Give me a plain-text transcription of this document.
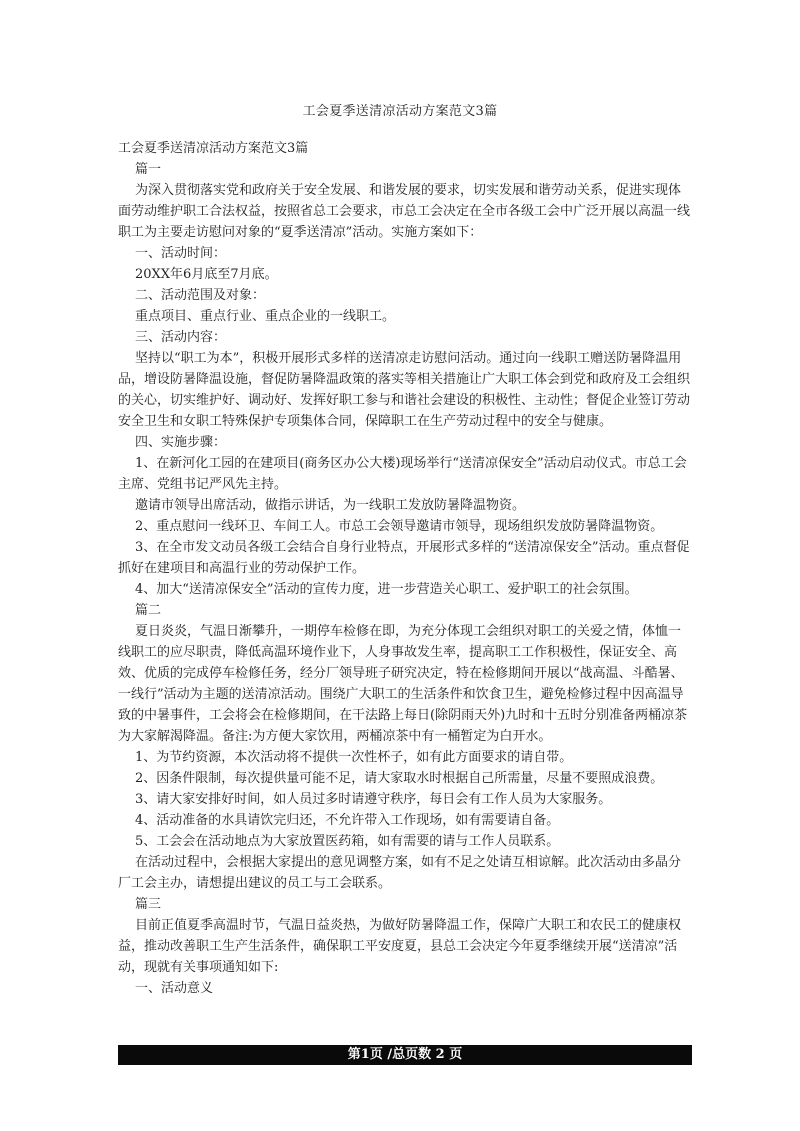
工会夏季送清凉活动方案范文3篇

工会夏季送清凉活动方案范文3篇

篇一

为深入贯彻落实党和政府关于安全发展、和谐发展的要求，切实发展和谐劳动关系，促进实现体面劳动维护职工合法权益，按照省总工会要求，市总工会决定在全市各级工会中广泛开展以高温一线职工为主要走访慰问对象的“夏季送清凉”活动。实施方案如下：

一、活动时间：

20XX年6月底至7月底。

二、活动范围及对象：

重点项目、重点行业、重点企业的一线职工。

三、活动内容：

坚持以“职工为本”，积极开展形式多样的送清凉走访慰问活动。通过向一线职工赠送防暑降温用品，增设防暑降温设施，督促防暑降温政策的落实等相关措施让广大职工体会到党和政府及工会组织的关心，切实维护好、调动好、发挥好职工参与和谐社会建设的积极性、主动性；督促企业签订劳动安全卫生和女职工特殊保护专项集体合同，保障职工在生产劳动过程中的安全与健康。

四、实施步骤：

1、在新河化工园的在建项目(商务区办公大楼)现场举行“送清凉保安全”活动启动仪式。市总工会主席、党组书记严风先主持。

邀请市领导出席活动，做指示讲话，为一线职工发放防暑降温物资。

2、重点慰问一线环卫、车间工人。市总工会领导邀请市领导，现场组织发放防暑降温物资。

3、在全市发文动员各级工会结合自身行业特点，开展形式多样的“送清凉保安全”活动。重点督促抓好在建项目和高温行业的劳动保护工作。

4、加大“送清凉保安全”活动的宣传力度，进一步营造关心职工、爱护职工的社会氛围。

篇二

夏日炎炎，气温日渐攀升，一期停车检修在即，为充分体现工会组织对职工的关爱之情，体恤一线职工的应尽职责，降低高温环境作业下，人身事故发生率，提高职工工作积极性，保证安全、高效、优质的完成停车检修任务，经分厂领导班子研究决定，特在检修期间开展以“战高温、斗酷暑、一线行”活动为主题的送清凉活动。围绕广大职工的生活条件和饮食卫生，避免检修过程中因高温导致的中暑事件，工会将会在检修期间，在干法路上每日(除阴雨天外)九时和十五时分别准备两桶凉茶为大家解渴降温。备注:为方便大家饮用，两桶凉茶中有一桶暂定为白开水。

1、为节约资源，本次活动将不提供一次性杯子，如有此方面要求的请自带。

2、因条件限制，每次提供量可能不足，请大家取水时根据自己所需量，尽量不要照成浪费。

3、请大家安排好时间，如人员过多时请遵守秩序，每日会有工作人员为大家服务。

4、活动准备的水具请饮完归还，不允许带入工作现场，如有需要请自备。

5、工会会在活动地点为大家放置医药箱，如有需要的请与工作人员联系。

在活动过程中，会根据大家提出的意见调整方案，如有不足之处请互相谅解。此次活动由多晶分厂工会主办，请想提出建议的员工与工会联系。

篇三

目前正值夏季高温时节，气温日益炎热，为做好防暑降温工作，保障广大职工和农民工的健康权益，推动改善职工生产生活条件，确保职工平安度夏，县总工会决定今年夏季继续开展“送清凉”活动，现就有关事项通知如下:

一、活动意义

第1页 /总页数 2 页
